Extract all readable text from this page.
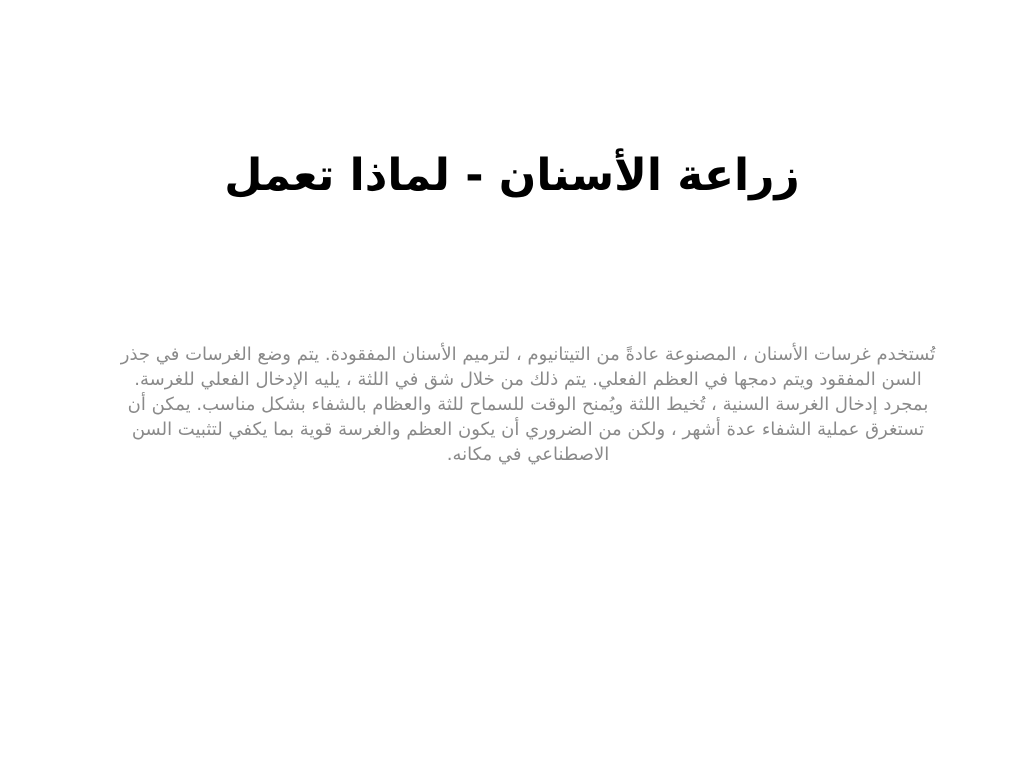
زراعة الأسنان - لماذا تعمل

تُستخدم غرسات الأسنان ، المصنوعة عادةً من التيتانيوم ، لترميم الأسنان المفقودة. يتم وضع الغرسات في جذر السن المفقود ويتم دمجها في العظم الفعلي. يتم ذلك من خلال شق في اللثة ، يليه الإدخال الفعلي للغرسة. بمجرد إدخال الغرسة السنية ، تُخيط اللثة ويُمنح الوقت للسماح للثة والعظام بالشفاء بشكل مناسب. يمكن أن تستغرق عملية الشفاء عدة أشهر ، ولكن من الضروري أن يكون العظم والغرسة قوية بما يكفي لتثبيت السن الاصطناعي في مكانه.
